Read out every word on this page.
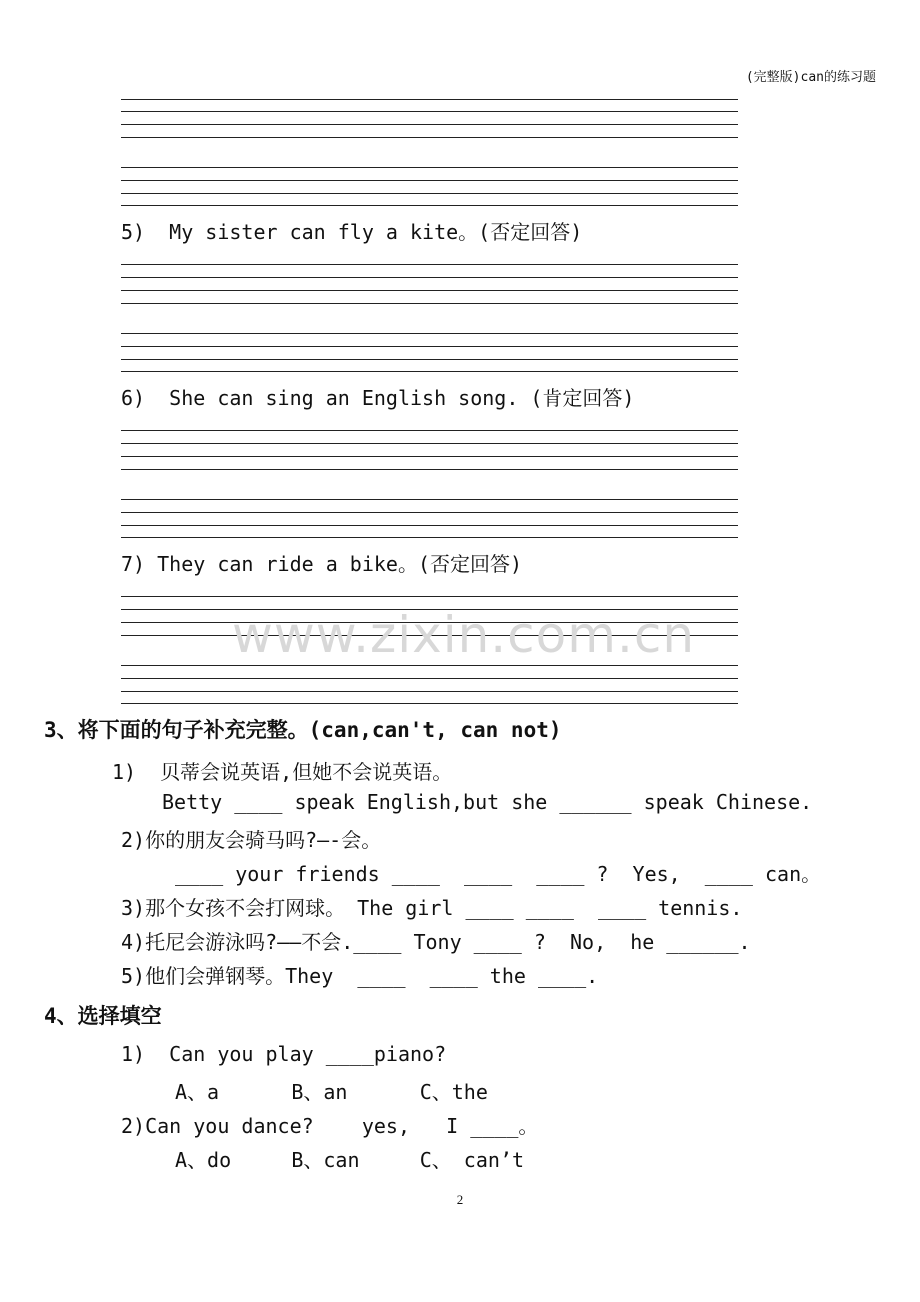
(完整版)can的练习题
5)  My sister can fly a kite。(否定回答)
6)  She can sing an English song. (肯定回答)
7) They can ride a bike。(否定回答)
www.zixin.com.cn
3、将下面的句子补充完整。(can,can't, can not)
1)  贝蒂会说英语,但她不会说英语。
Betty ____ speak English,but she ______ speak Chinese.
2)你的朋友会骑马吗?—-会。
____ your friends ____  ____  ____ ?  Yes,  ____ can。
3)那个女孩不会打网球。 The girl ____ ____  ____ tennis.
4)托尼会游泳吗?——不会.____ Tony ____ ?  No,  he ______.
5)他们会弹钢琴。They  ____  ____ the ____.
4、选择填空
1)  Can you play ____piano?
A、a      B、an      C、the
2)Can you dance?    yes,   I ____。
A、do     B、can     C、 can’t
2
